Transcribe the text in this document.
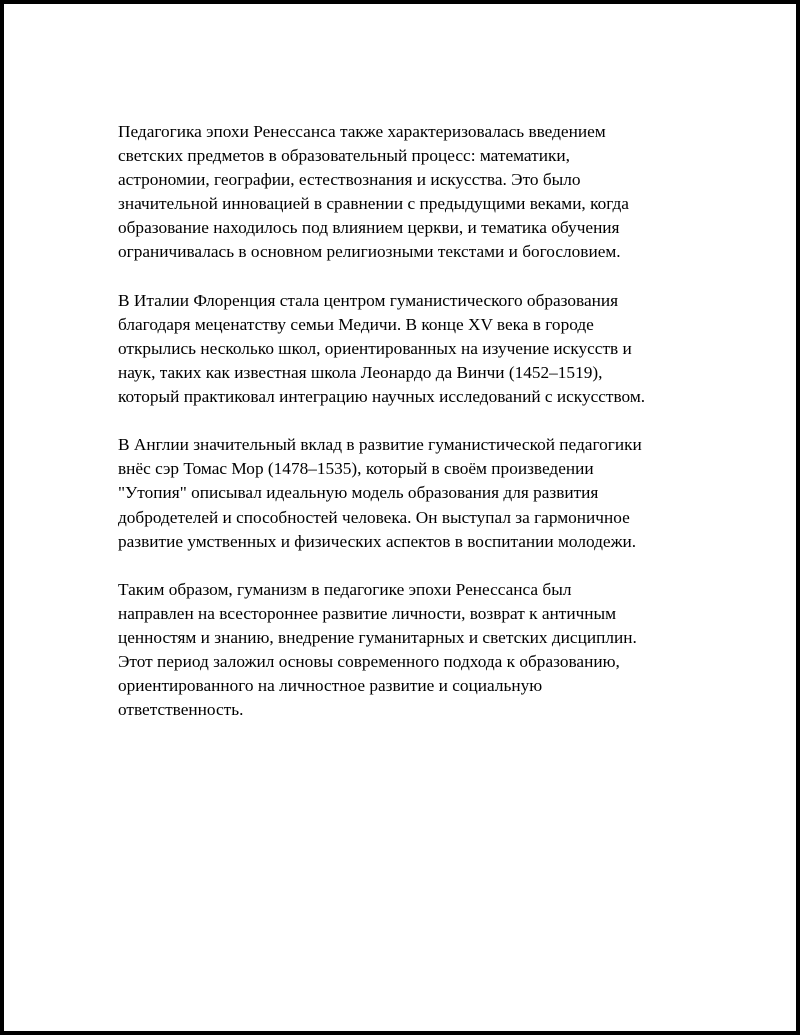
Педагогика эпохи Ренессанса также характеризовалась введением
светских предметов в образовательный процесс: математики,
астрономии, географии, естествознания и искусства. Это было
значительной инновацией в сравнении с предыдущими веками, когда
образование находилось под влиянием церкви, и тематика обучения
ограничивалась в основном религиозными текстами и богословием.

В Италии Флоренция стала центром гуманистического образования
благодаря меценатству семьи Медичи. В конце XV века в городе
открылись несколько школ, ориентированных на изучение искусств и
наук, таких как известная школа Леонардо да Винчи (1452–1519),
который практиковал интеграцию научных исследований с искусством.

В Англии значительный вклад в развитие гуманистической педагогики
внёс сэр Томас Мор (1478–1535), который в своём произведении
"Утопия" описывал идеальную модель образования для развития
добродетелей и способностей человека. Он выступал за гармоничное
развитие умственных и физических аспектов в воспитании молодежи.

Таким образом, гуманизм в педагогике эпохи Ренессанса был
направлен на всестороннее развитие личности, возврат к античным
ценностям и знанию, внедрение гуманитарных и светских дисциплин.
Этот период заложил основы современного подхода к образованию,
ориентированного на личностное развитие и социальную
ответственность.
